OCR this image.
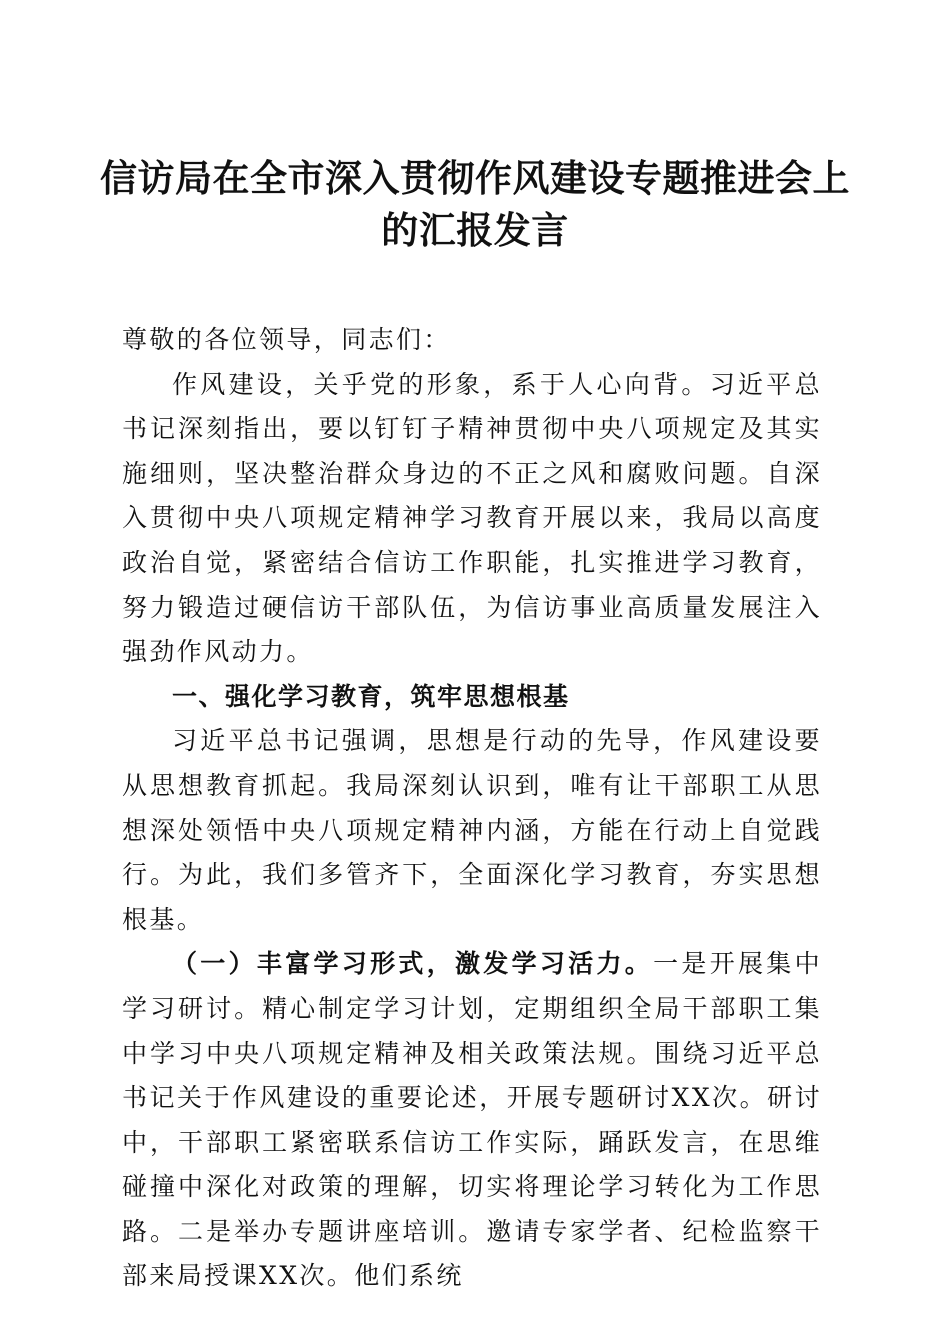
信访局在全市深入贯彻作风建设专题推进会上
的汇报发言

尊敬的各位领导，同志们：

作风建设，关乎党的形象，系于人心向背。习近平总书记深刻指出，要以钉钉子精神贯彻中央八项规定及其实施细则，坚决整治群众身边的不正之风和腐败问题。自深入贯彻中央八项规定精神学习教育开展以来，我局以高度政治自觉，紧密结合信访工作职能，扎实推进学习教育，努力锻造过硬信访干部队伍，为信访事业高质量发展注入强劲作风动力。

一、强化学习教育，筑牢思想根基

习近平总书记强调，思想是行动的先导，作风建设要从思想教育抓起。我局深刻认识到，唯有让干部职工从思想深处领悟中央八项规定精神内涵，方能在行动上自觉践行。为此，我们多管齐下，全面深化学习教育，夯实思想根基。

（一）丰富学习形式，激发学习活力。一是开展集中学习研讨。精心制定学习计划，定期组织全局干部职工集中学习中央八项规定精神及相关政策法规。围绕习近平总书记关于作风建设的重要论述，开展专题研讨XX次。研讨中，干部职工紧密联系信访工作实际，踊跃发言，在思维碰撞中深化对政策的理解，切实将理论学习转化为工作思路。二是举办专题讲座培训。邀请专家学者、纪检监察干部来局授课XX次。他们系统
